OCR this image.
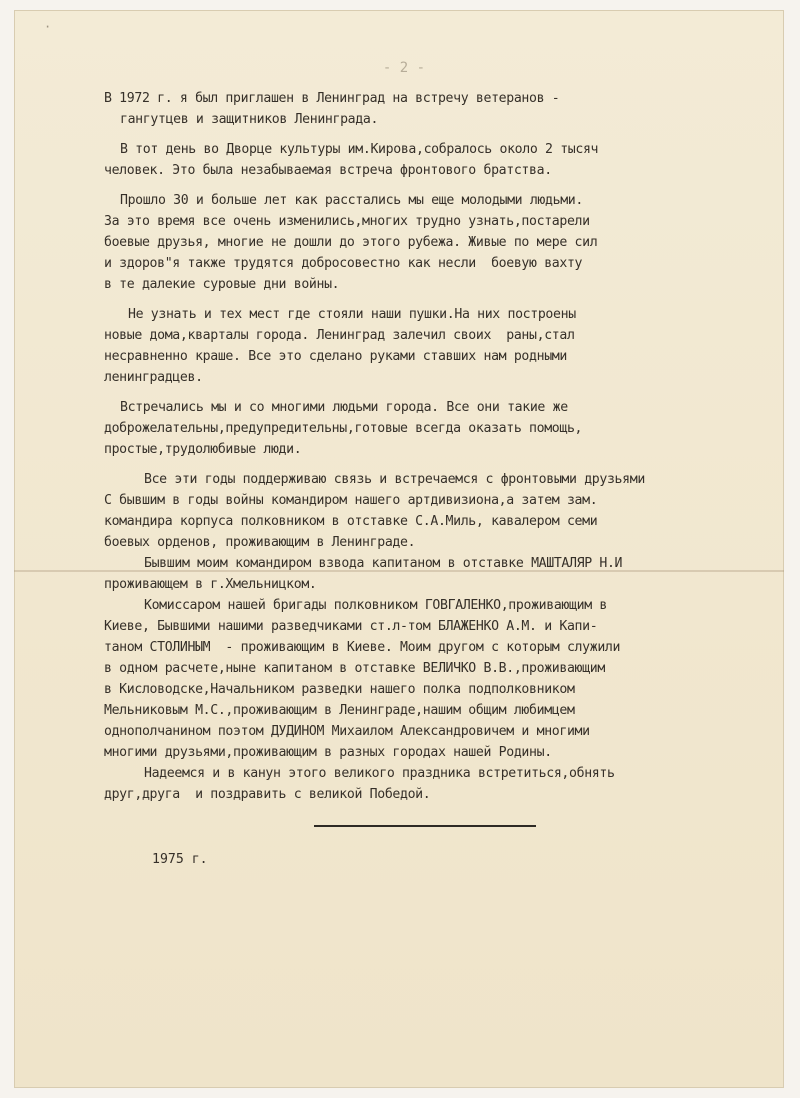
·
- 2 -
В 1972 г. я был приглашен в Ленинград на встречу ветеранов -
гангутцев и защитников Ленинграда.
В тот день во Дворце культуры им.Кирова,собралось около 2 тысяч
человек. Это была незабываемая встреча фронтового братства.
Прошло 30 и больше лет как расстались мы еще молодыми людьми.
За это время все очень изменились,многих трудно узнать,постарели
боевые друзья, многие не дошли до этого рубежа. Живые по мере сил
и здоров"я также трудятся добросовестно как несли  боевую вахту
в те далекие суровые дни войны.
Не узнать и тех мест где стояли наши пушки.На них построены
новые дома,кварталы города. Ленинград залечил своих  раны,стал
несравненно краше. Все это сделано руками ставших нам родными
ленинградцев.
Встречались мы и со многими людьми города. Все они такие же
доброжелательны,предупредительны,готовые всегда оказать помощь,
простые,трудолюбивые люди.
Все эти годы поддерживаю связь и встречаемся с фронтовыми друзьями
С бывшим в годы войны командиром нашего артдивизиона,а затем зам.
командира корпуса полковником в отставке С.А.Миль, кавалером семи
боевых орденов, проживающим в Ленинграде.
Бывшим моим командиром взвода капитаном в отставке МАШТАЛЯР Н.И
проживающем в г.Хмельницком.
Комиссаром нашей бригады полковником ГОВГАЛЕНКО,проживающим в
Киеве, Бывшими нашими разведчиками ст.л-том БЛАЖЕНКО А.М. и Капи-
таном СТОЛИНЫМ  - проживающим в Киеве. Моим другом с которым служили
в одном расчете,ныне капитаном в отставке ВЕЛИЧКО В.В.,проживающим
в Кисловодске,Начальником разведки нашего полка подполковником
Мельниковым М.С.,проживающим в Ленинграде,нашим общим любимцем
однополчанином поэтом ДУДИНОМ Михаилом Александровичем и многими
многими друзьями,проживающим в разных городах нашей Родины.
Надеемся и в канун этого великого праздника встретиться,обнять
друг,друга  и поздравить с великой Победой.
1975 г.
